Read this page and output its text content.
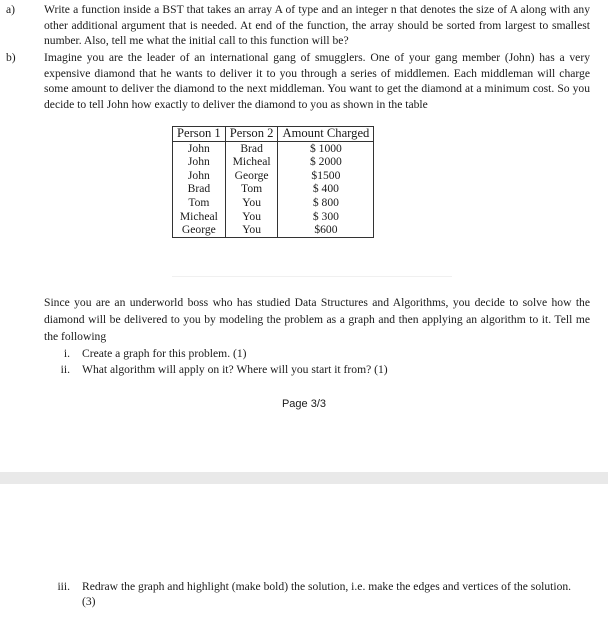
a) Write a function inside a BST that takes an array A of type and an integer n that denotes the size of A along with any other additional argument that is needed. At end of the function, the array should be sorted from largest to smallest number. Also, tell me what the initial call to this function will be?
b) Imagine you are the leader of an international gang of smugglers. One of your gang member (John) has a very expensive diamond that he wants to deliver it to you through a series of middlemen. Each middleman will charge some amount to deliver the diamond to the next middleman. You want to get the diamond at a minimum cost. So you decide to tell John how exactly to deliver the diamond to you as shown in the table
Person 1	Person 2	Amount Charged
John	Brad	$ 1000
John	Micheal	$ 2000
John	George	$1500
Brad	Tom	$ 400
Tom	You	$ 800
Micheal	You	$ 300
George	You	$600
Since you are an underworld boss who has studied Data Structures and Algorithms, you decide to solve how the diamond will be delivered to you by modeling the problem as a graph and then applying an algorithm to it. Tell me the following
i. Create a graph for this problem. (1)
ii. What algorithm will apply on it? Where will you start it from? (1)
Page 3/3
iii. Redraw the graph and highlight (make bold) the solution, i.e. make the edges and vertices of the solution. (3)
